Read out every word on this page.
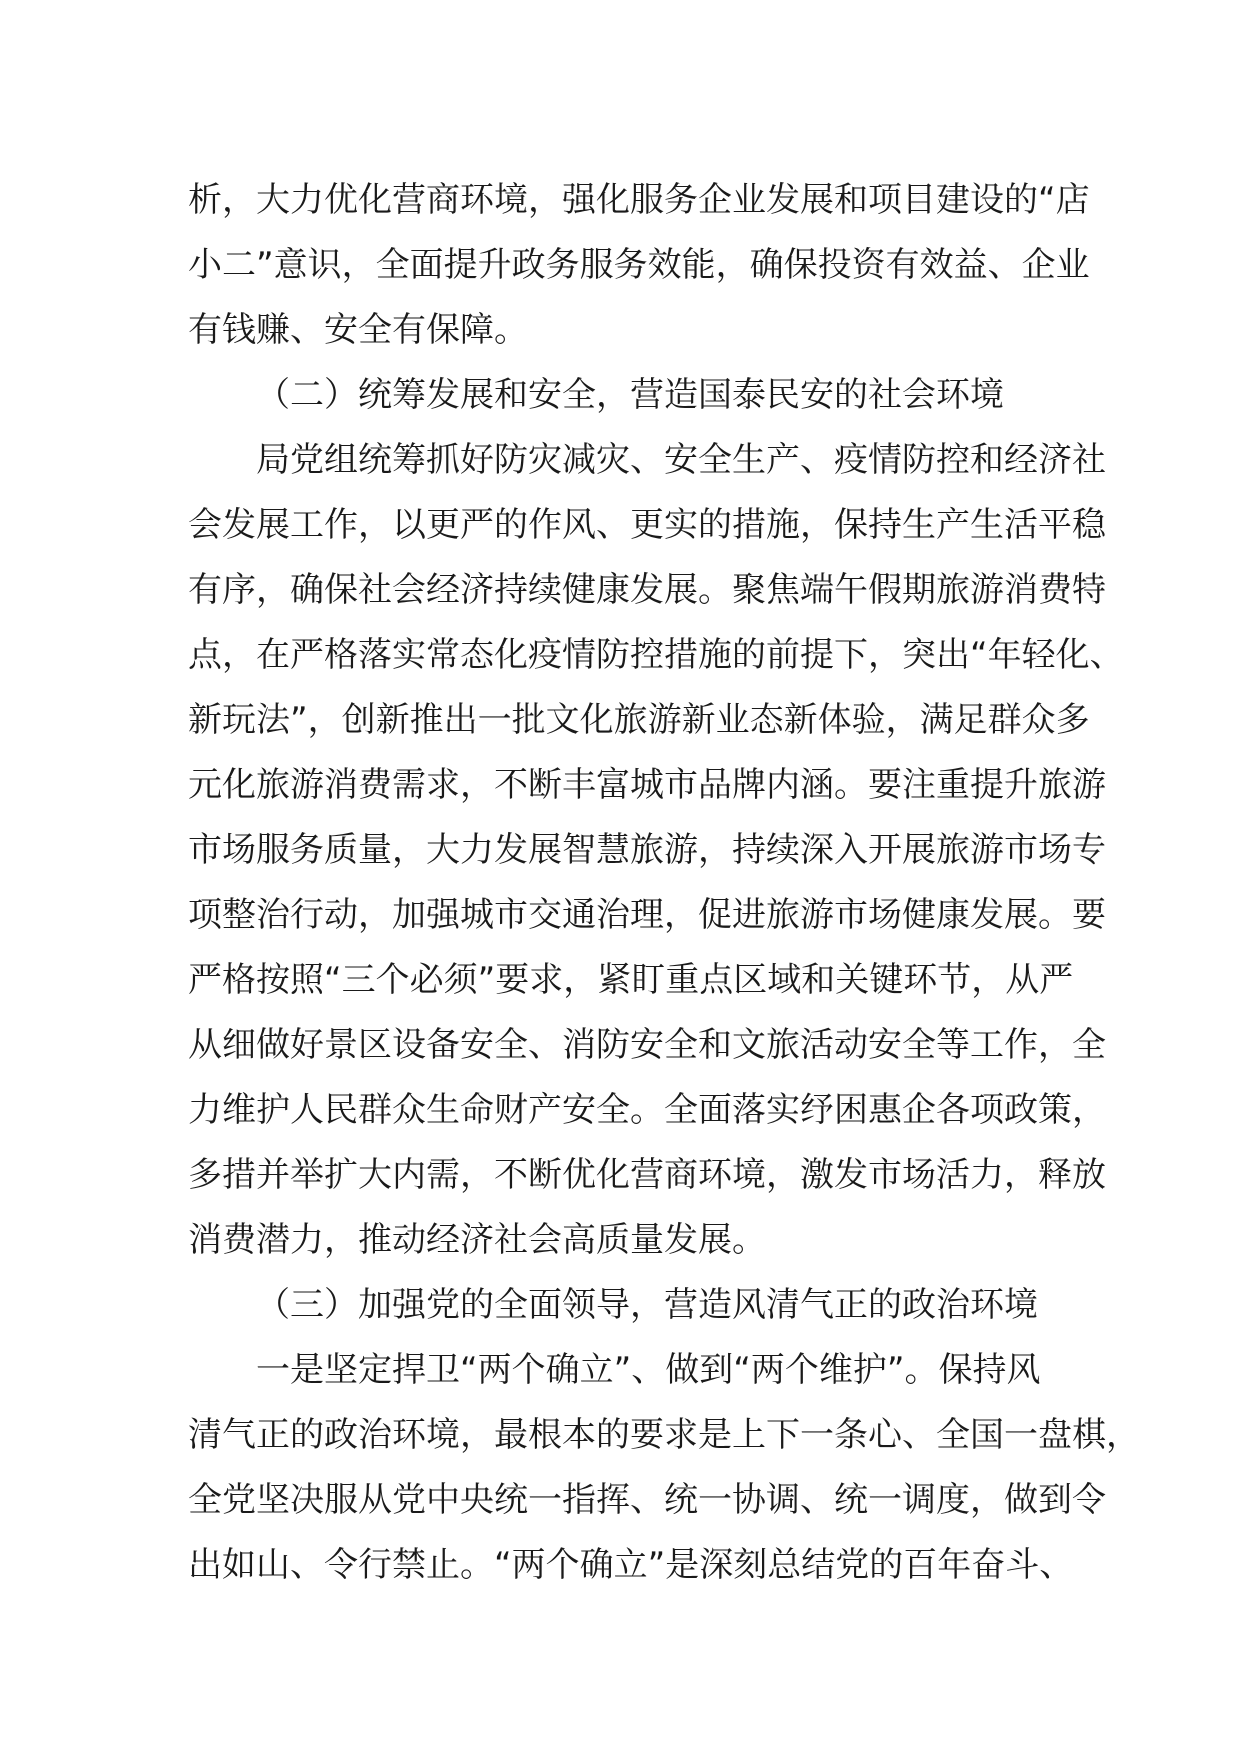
析，大力优化营商环境，强化服务企业发展和项目建设的“店
小二”意识，全面提升政务服务效能，确保投资有效益、企业
有钱赚、安全有保障。
（二）统筹发展和安全，营造国泰民安的社会环境
局党组统筹抓好防灾减灾、安全生产、疫情防控和经济社
会发展工作，以更严的作风、更实的措施，保持生产生活平稳
有序，确保社会经济持续健康发展。聚焦端午假期旅游消费特
点，在严格落实常态化疫情防控措施的前提下，突出“年轻化、
新玩法”，创新推出一批文化旅游新业态新体验，满足群众多
元化旅游消费需求，不断丰富城市品牌内涵。要注重提升旅游
市场服务质量，大力发展智慧旅游，持续深入开展旅游市场专
项整治行动，加强城市交通治理，促进旅游市场健康发展。要
严格按照“三个必须”要求，紧盯重点区域和关键环节，从严
从细做好景区设备安全、消防安全和文旅活动安全等工作，全
力维护人民群众生命财产安全。全面落实纾困惠企各项政策，
多措并举扩大内需，不断优化营商环境，激发市场活力，释放
消费潜力，推动经济社会高质量发展。
（三）加强党的全面领导，营造风清气正的政治环境
一是坚定捍卫“两个确立”、做到“两个维护”。保持风
清气正的政治环境，最根本的要求是上下一条心、全国一盘棋，
全党坚决服从党中央统一指挥、统一协调、统一调度，做到令
出如山、令行禁止。“两个确立”是深刻总结党的百年奋斗、
